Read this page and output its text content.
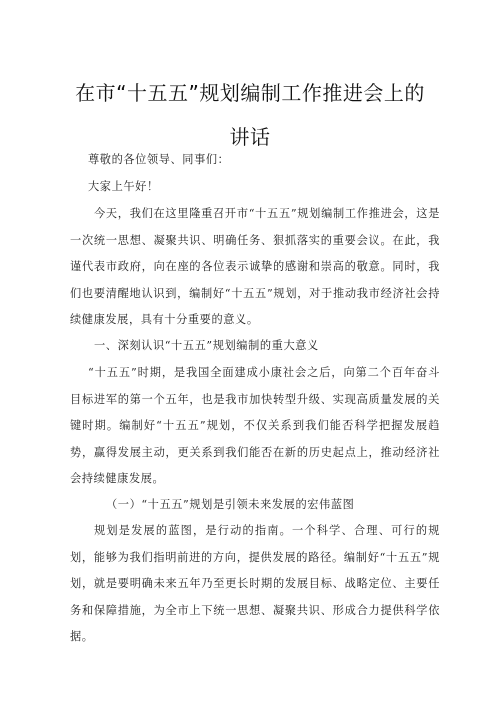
在市“十五五”规划编制工作推进会上的
讲话

尊敬的各位领导、同事们：

大家上午好！

今天，我们在这里隆重召开市“十五五”规划编制工作推进会，这是一次统一思想、凝聚共识、明确任务、狠抓落实的重要会议。在此，我谨代表市政府，向在座的各位表示诚挚的感谢和崇高的敬意。同时，我们也要清醒地认识到，编制好“十五五”规划，对于推动我市经济社会持续健康发展，具有十分重要的意义。

一、深刻认识“十五五”规划编制的重大意义

“十五五”时期，是我国全面建成小康社会之后，向第二个百年奋斗目标进军的第一个五年，也是我市加快转型升级、实现高质量发展的关键时期。编制好“十五五”规划，不仅关系到我们能否科学把握发展趋势，赢得发展主动，更关系到我们能否在新的历史起点上，推动经济社会持续健康发展。

（一）“十五五”规划是引领未来发展的宏伟蓝图

规划是发展的蓝图，是行动的指南。一个科学、合理、可行的规划，能够为我们指明前进的方向，提供发展的路径。编制好“十五五”规划，就是要明确未来五年乃至更长时期的发展目标、战略定位、主要任务和保障措施，为全市上下统一思想、凝聚共识、形成合力提供科学依据。
